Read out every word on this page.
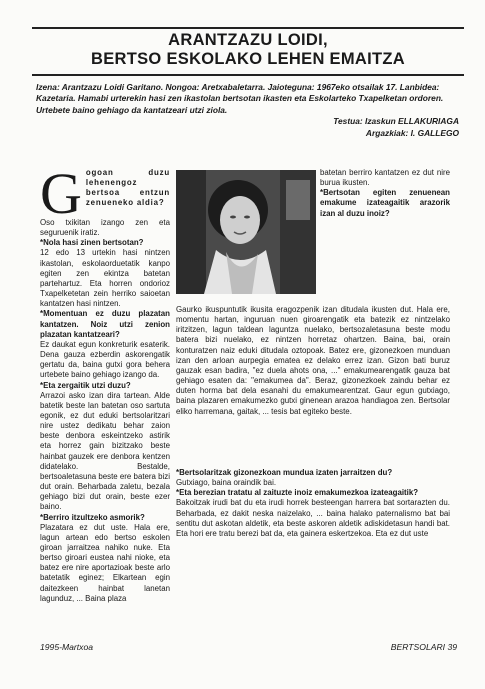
ARANTZAZU LOIDI,
BERTSO ESKOLAKO LEHEN EMAITZA
Izena: Arantzazu Loidi Garitano. Nongoa: Aretxabaletarra. Jaioteguna: 1967eko otsailak 17. Lanbidea: Kazetaria. Hamabi urterekin hasi zen ikastolan bertsotan ikasten eta Eskolarteko Txapelketan ordoren. Urtebete baino gehiago da kantatzeari utzi ziola.
Testua: Izaskun ELLAKURIAGA
Argazkiak: I. GALLEGO

G ogoan duzu lehenengoz bertsoa entzun zenueneko aldia?

Oso txikitan izango zen eta seguruenik iratiz.

*Nola hasi zinen bertsotan?

12 edo 13 urtekin hasi nintzen ikastolan, eskolaorduetatik kanpo egiten zen ekintza batetan partehartuz. Eta horren ondorioz Txapelketetan zein herriko saioetan kantatzen hasi nintzen.

*Momentuan ez duzu plazatan kantatzen. Noiz utzi zenion plazatan kantatzeari?

Ez daukat egun konkreturik esaterik. Dena gauza ezberdin askorengatik gertatu da, baina gutxi gora behera urtebete baino gehiago izango da.

*Eta zergaitik utzi duzu?

Arrazoi asko izan dira tartean. Alde batetik beste lan batetan oso sartuta egonik, ez dut eduki bertsolaritzari nire ustez dedikatu behar zaion beste denbora eskeintzeko astirik eta horrez gain bizitzako beste hainbat gauzek ere denbora kentzen didatelako. Bestalde, bertsoaletasuna beste ere batera bizi dut orain. Beharbada zaletu, bezala gehiago bizi dut orain, beste ezer baino.

*Berriro itzultzeko asmorik?

Plazatara ez dut uste. Hala ere, lagun artean edo bertso eskolen giroan jarraitzea nahiko nuke. Eta bertso giroari eustea nahi nioke, eta batez ere nire aportazioak beste arlo batetatik eginez; Elkartean egin daitezkeen hainbat lanetan lagunduz, ... Baina plaza

batetan berriro kantatzen ez dut nire burua ikusten.

*Bertsotan egiten zenuenean emakume izateagaitik arazorik izan al duzu inoiz?

Gaurko ikuspuntutik ikusita eragozpenik izan ditudala ikusten dut. Hala ere, momentu hartan, inguruan nuen giroarengatik eta batezik ez nintzelako iritzitzen, lagun taldean laguntza nuelako, bertsozaletasuna beste modu batera bizi nuelako, ez nintzen horretaz ohartzen. Baina, bai, orain konturatzen naiz eduki ditudala oztopoak. Batez ere, gizonezkoen munduan izan den arloan aurpegia ematea ez delako errez izan. Gizon bati buruz gauzak esan badira, "ez duela ahots ona, ..." emakumearengatik gauza bat gehiago esaten da: "emakumea da". Beraz, gizonezkoek zaindu behar ez duten horma bat dela esanahi du emakumearentzat. Gaur egun gutxiago, baina plazaren emakumezko gutxi ginenean arazoa handiagoa zen. Bertsolar eliko harremana, gaitak, ... tesis bat egiteko beste.

*Bertsolaritzak gizonezkoan mundua izaten jarraitzen du?

Gutxiago, baina oraindik bai.

*Eta berezian tratatu al zaituzte inoiz emakumezkoa izateagaitik?

Bakoitzak irudi bat du eta irudi horrek besteengan harrera bat sortarazten du. Beharbada, ez dakit neska naizelako, ... baina halako paternalismo bat bai sentitu dut askotan aldetik, eta beste askoren aldetik adiskidetasun handi bat. Eta hori ere tratu berezi bat da, eta gainera eskertzekoa. Eta ez dut uste

1995-Martxoa	BERTSOLARI 39
